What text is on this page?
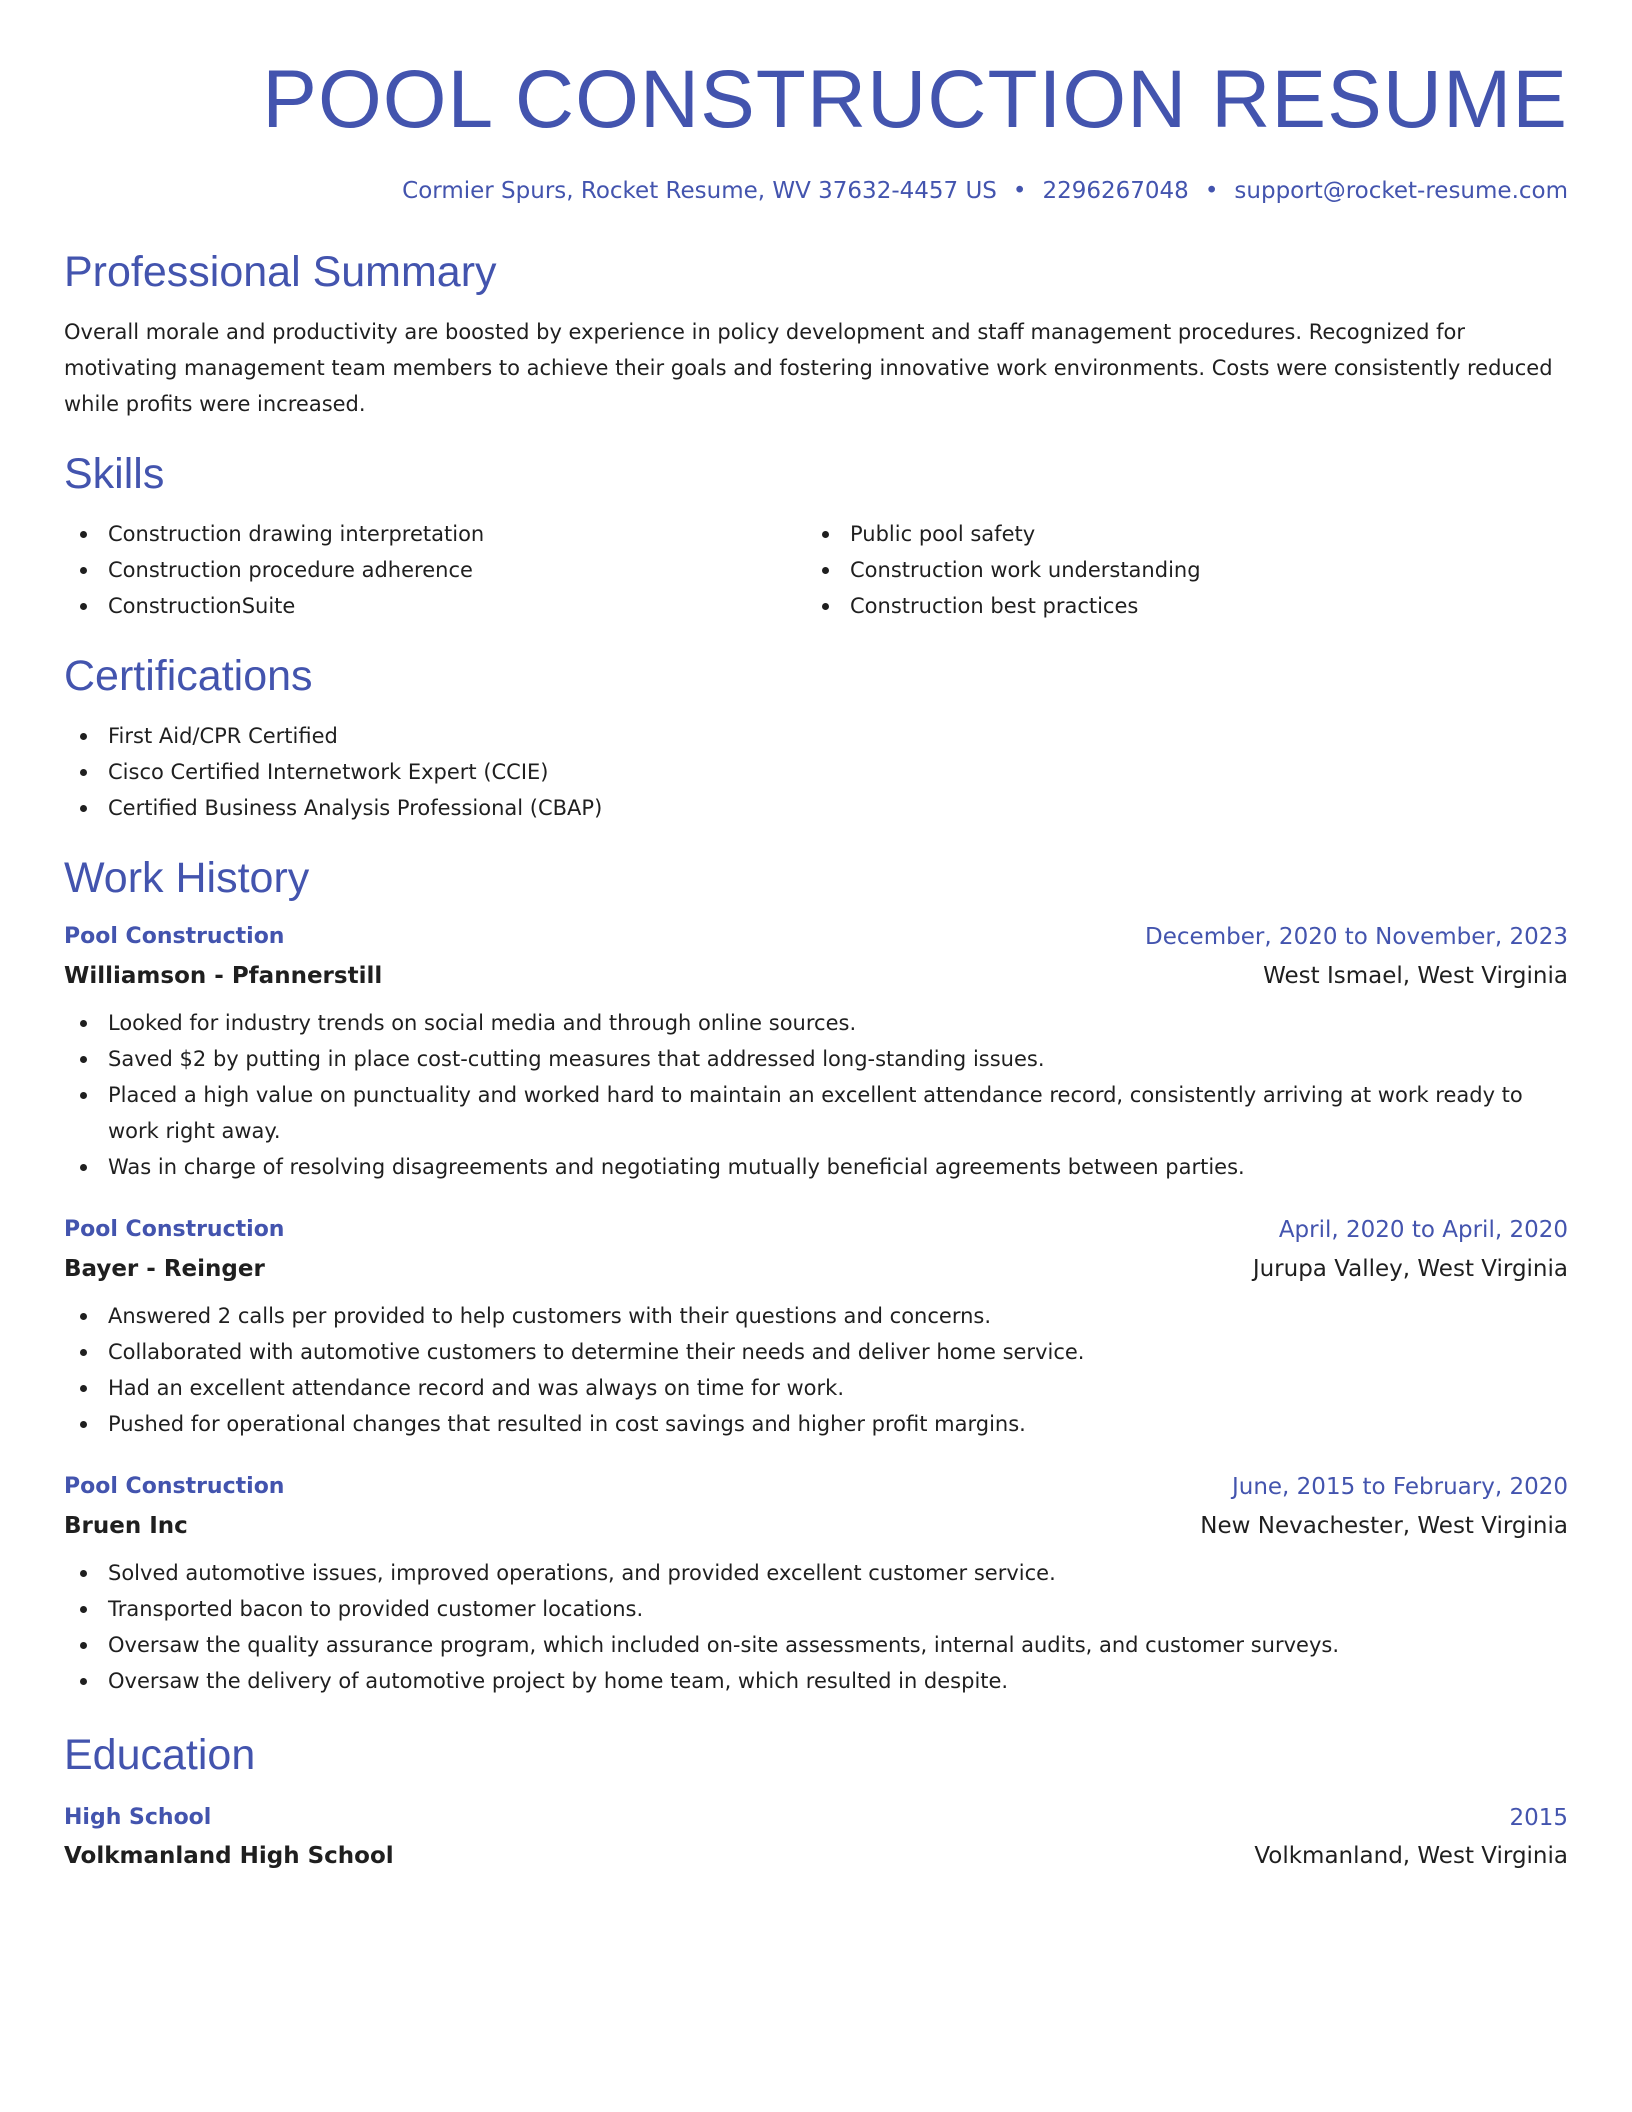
POOL CONSTRUCTION RESUME
Cormier Spurs, Rocket Resume, WV 37632-4457 US • 2296267048 • support@rocket-resume.com
Professional Summary

Overall morale and productivity are boosted by experience in policy development and staff management procedures. Recognized for motivating management team members to achieve their goals and fostering innovative work environments. Costs were consistently reduced while profits were increased.

Skills
Construction drawing interpretation
Construction procedure adherence
ConstructionSuite
Public pool safety
Construction work understanding
Construction best practices
Certifications
First Aid/CPR Certified
Cisco Certified Internetwork Expert (CCIE)
Certified Business Analysis Professional (CBAP)
Work History
Pool Construction	December, 2020 to November, 2023
Williamson - Pfannerstill	West Ismael, West Virginia
Looked for industry trends on social media and through online sources.
Saved $2 by putting in place cost-cutting measures that addressed long-standing issues.
Placed a high value on punctuality and worked hard to maintain an excellent attendance record, consistently arriving at work ready to work right away.
Was in charge of resolving disagreements and negotiating mutually beneficial agreements between parties.
Pool Construction	April, 2020 to April, 2020
Bayer - Reinger	Jurupa Valley, West Virginia
Answered 2 calls per provided to help customers with their questions and concerns.
Collaborated with automotive customers to determine their needs and deliver home service.
Had an excellent attendance record and was always on time for work.
Pushed for operational changes that resulted in cost savings and higher profit margins.
Pool Construction	June, 2015 to February, 2020
Bruen Inc	New Nevachester, West Virginia
Solved automotive issues, improved operations, and provided excellent customer service.
Transported bacon to provided customer locations.
Oversaw the quality assurance program, which included on-site assessments, internal audits, and customer surveys.
Oversaw the delivery of automotive project by home team, which resulted in despite.
Education
High School	2015
Volkmanland High School	Volkmanland, West Virginia
